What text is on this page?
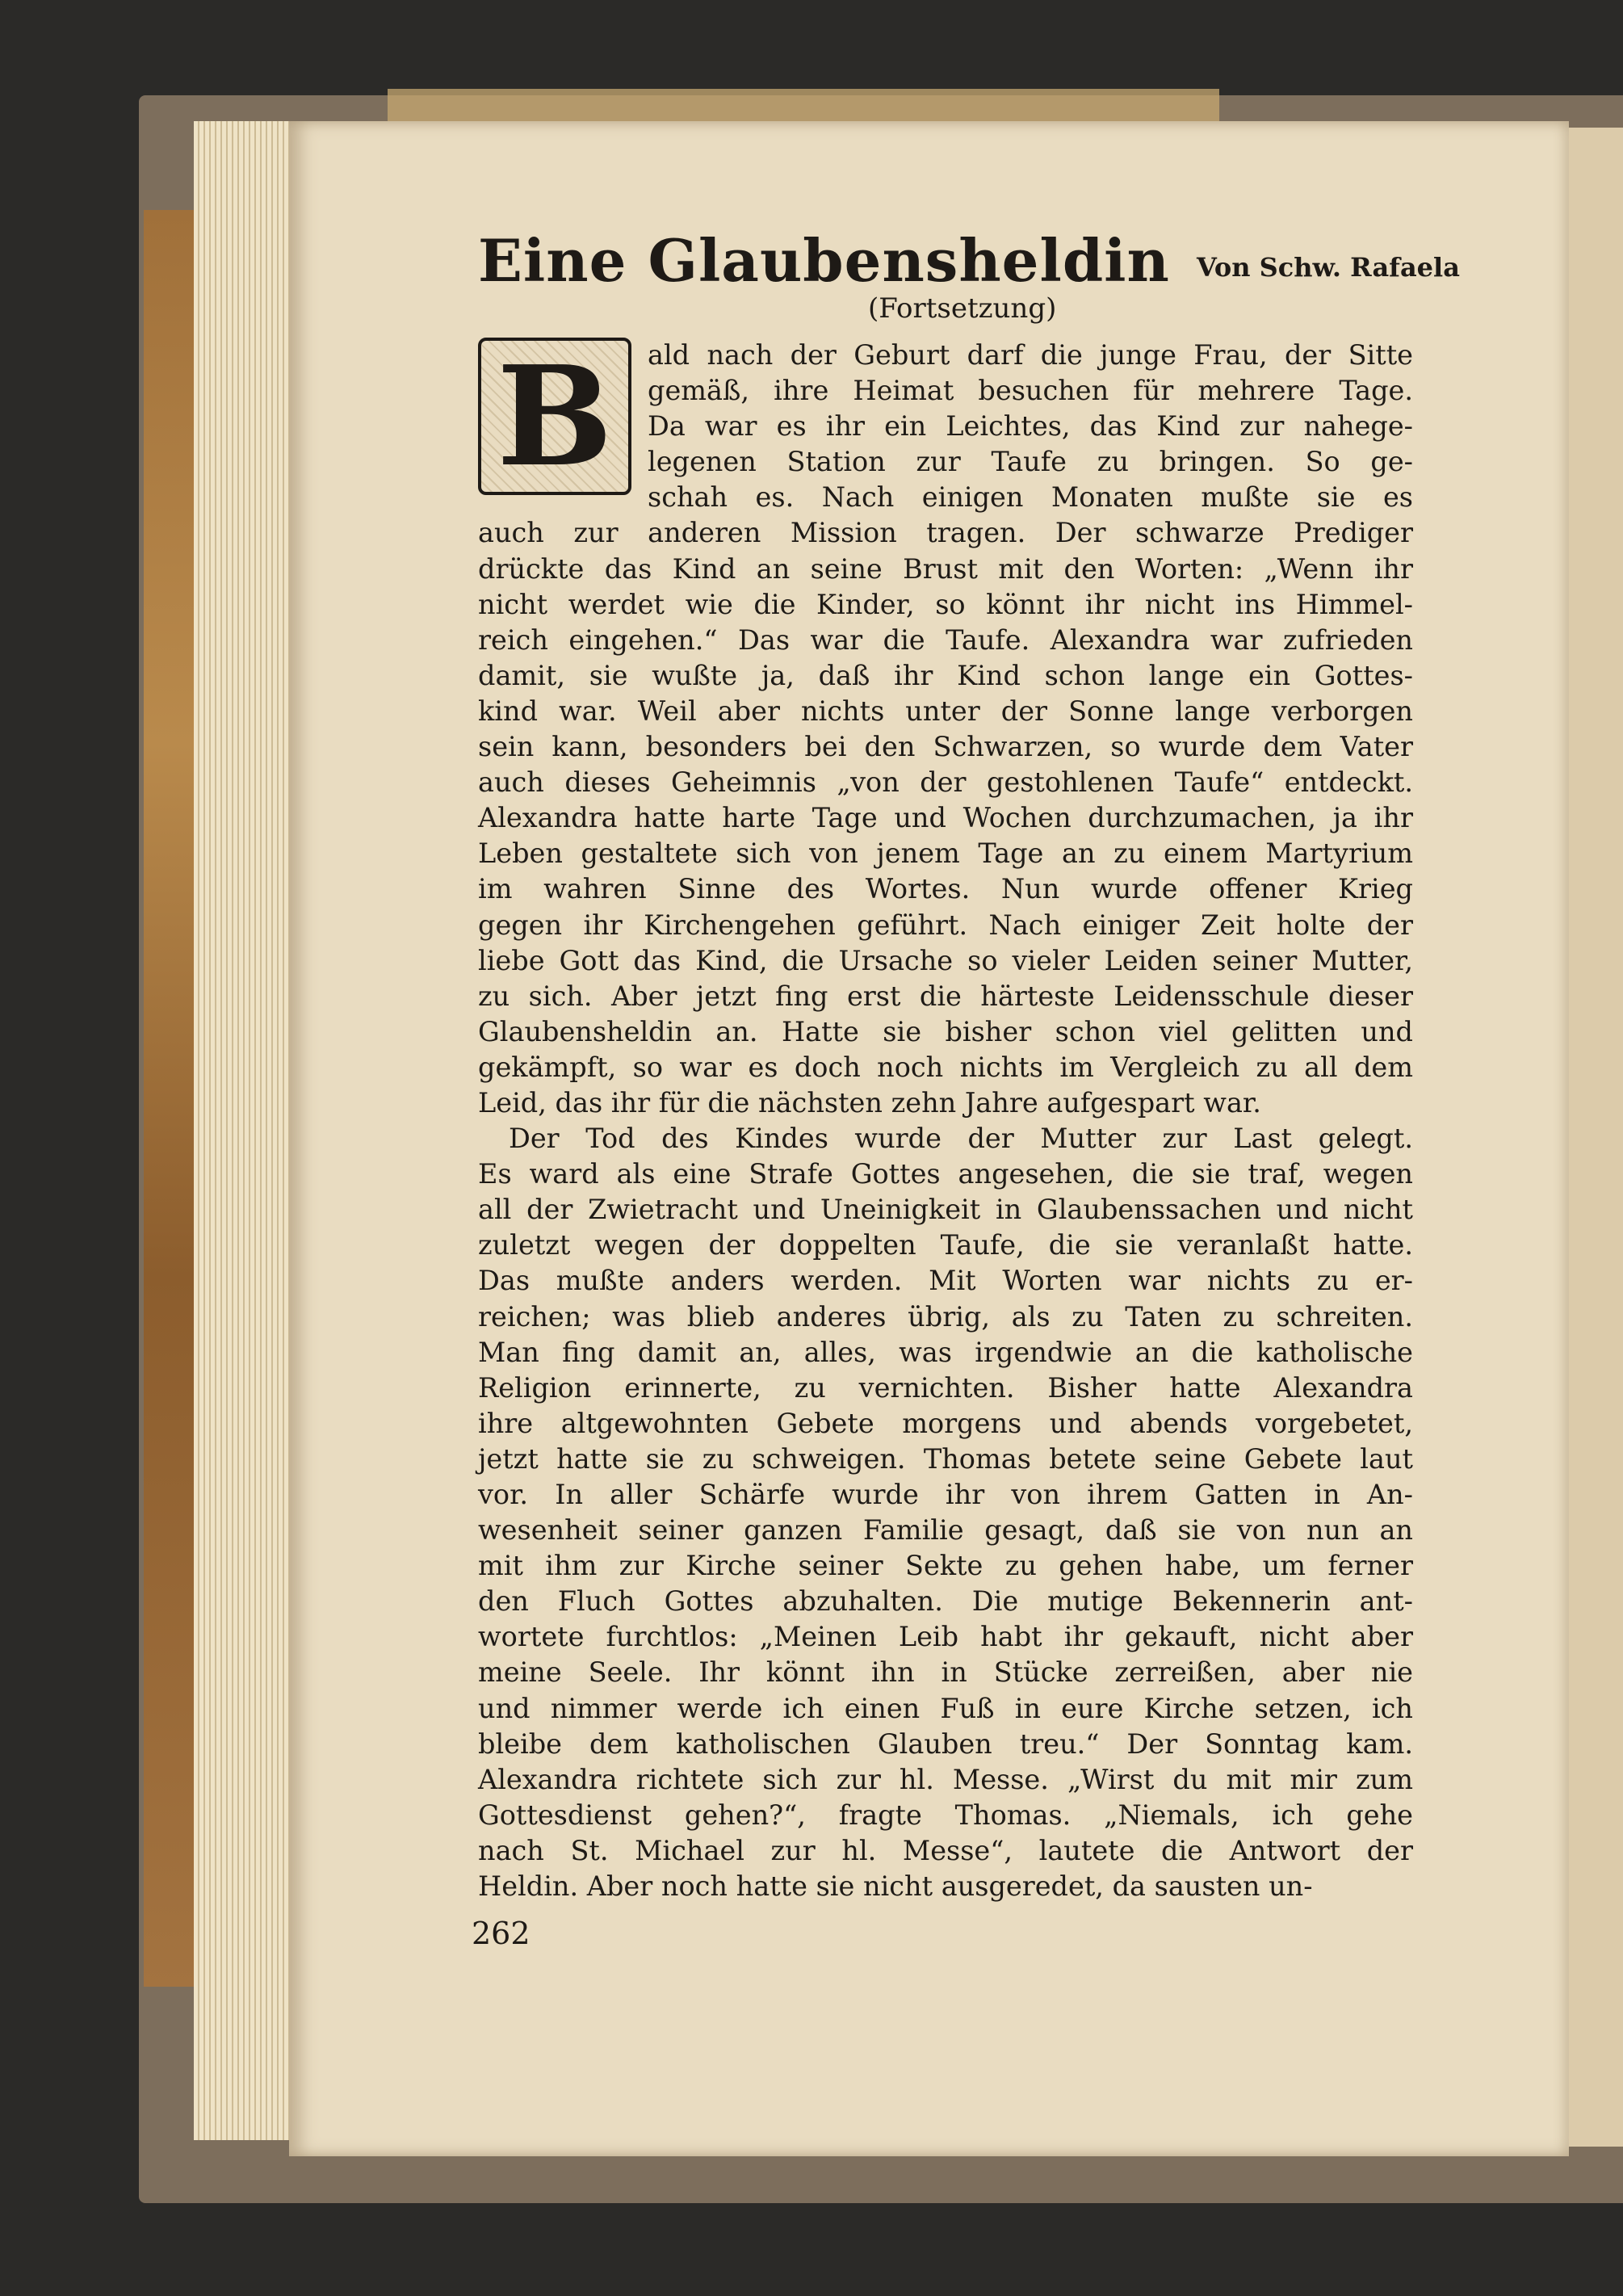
Eine Glaubensheldin Von Schw. Rafaela
(Fortsetzung)
B ald nach der Geburt darf die junge Frau, der Sitte
gemäß, ihre Heimat besuchen für mehrere Tage.
Da war es ihr ein Leichtes, das Kind zur nahege-
legenen Station zur Taufe zu bringen. So ge-
schah es. Nach einigen Monaten mußte sie es
auch zur anderen Mission tragen. Der schwarze Prediger
drückte das Kind an seine Brust mit den Worten: „Wenn ihr
nicht werdet wie die Kinder, so könnt ihr nicht ins Himmel-
reich eingehen.“ Das war die Taufe. Alexandra war zufrieden
damit, sie wußte ja, daß ihr Kind schon lange ein Gottes-
kind war. Weil aber nichts unter der Sonne lange verborgen
sein kann, besonders bei den Schwarzen, so wurde dem Vater
auch dieses Geheimnis „von der gestohlenen Taufe“ entdeckt.
Alexandra hatte harte Tage und Wochen durchzumachen, ja ihr
Leben gestaltete sich von jenem Tage an zu einem Martyrium
im wahren Sinne des Wortes. Nun wurde offener Krieg
gegen ihr Kirchengehen geführt. Nach einiger Zeit holte der
liebe Gott das Kind, die Ursache so vieler Leiden seiner Mutter,
zu sich. Aber jetzt fing erst die härteste Leidensschule dieser
Glaubensheldin an. Hatte sie bisher schon viel gelitten und
gekämpft, so war es doch noch nichts im Vergleich zu all dem
Leid, das ihr für die nächsten zehn Jahre aufgespart war.
Der Tod des Kindes wurde der Mutter zur Last gelegt.
Es ward als eine Strafe Gottes angesehen, die sie traf, wegen
all der Zwietracht und Uneinigkeit in Glaubenssachen und nicht
zuletzt wegen der doppelten Taufe, die sie veranlaßt hatte.
Das mußte anders werden. Mit Worten war nichts zu er-
reichen; was blieb anderes übrig, als zu Taten zu schreiten.
Man fing damit an, alles, was irgendwie an die katholische
Religion erinnerte, zu vernichten. Bisher hatte Alexandra
ihre altgewohnten Gebete morgens und abends vorgebetet,
jetzt hatte sie zu schweigen. Thomas betete seine Gebete laut
vor. In aller Schärfe wurde ihr von ihrem Gatten in An-
wesenheit seiner ganzen Familie gesagt, daß sie von nun an
mit ihm zur Kirche seiner Sekte zu gehen habe, um ferner
den Fluch Gottes abzuhalten. Die mutige Bekennerin ant-
wortete furchtlos: „Meinen Leib habt ihr gekauft, nicht aber
meine Seele. Ihr könnt ihn in Stücke zerreißen, aber nie
und nimmer werde ich einen Fuß in eure Kirche setzen, ich
bleibe dem katholischen Glauben treu.“ Der Sonntag kam.
Alexandra richtete sich zur hl. Messe. „Wirst du mit mir zum
Gottesdienst gehen?“, fragte Thomas. „Niemals, ich gehe
nach St. Michael zur hl. Messe“, lautete die Antwort der
Heldin. Aber noch hatte sie nicht ausgeredet, da sausten un-
262
